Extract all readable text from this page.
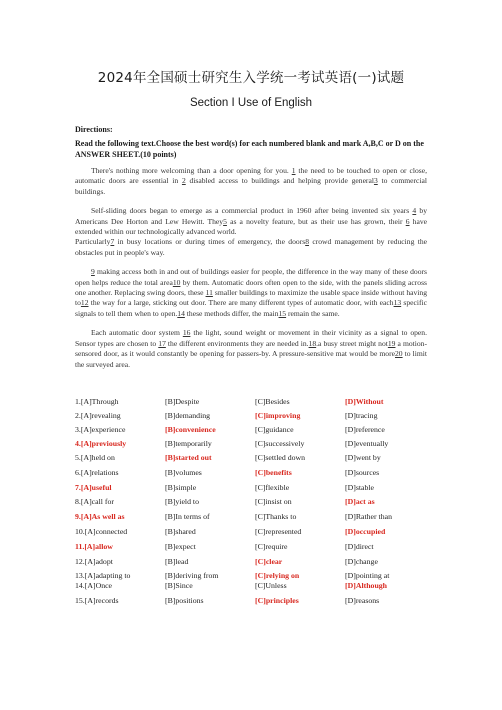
2024年全国硕士研究生入学统一考试英语(一)试题
Section I Use of English
Directions:
Read the following text.Choose the best word(s) for each numbered blank and mark A,B,C or D on the ANSWER SHEET.(10 points)

There's nothing more welcoming than a door opening for you. 1 the need to be touched to open or close, automatic doors are essential in 2 disabled access to buildings and helping provide general3 to commercial buildings.

Self-sliding doors began to emerge as a commercial product in 1960 after being invented six years 4 by Americans Dee Horton and Lew Hewitt. They5 as a novelty feature, but as their use has grown, their 6 have extended within our technologically advanced world.

Particularly7 in busy locations or during times of emergency, the doors8 crowd management by reducing the obstacles put in people's way.

9 making access both in and out of buildings easier for people, the difference in the way many of these doors open helps reduce the total area10 by them. Automatic doors often open to the side, with the panels sliding across one another. Replacing swing doors, these 11 smaller buildings to maximize the usable space inside without having to12 the way for a large, sticking out door. There are many different types of automatic door, with each13 specific signals to tell them when to open.14 these methods differ, the main15 remain the same.

Each automatic door system 16 the light, sound weight or movement in their vicinity as a signal to open. Sensor types are chosen to 17 the different environments they are needed in.18.a busy street might not19 a motion-sensored door, as it would constantly be opening for passers-by. A pressure-sensitive mat would be more20 to limit the surveyed area.

1.[A]Through	[B]Despite	[C]Besides	[D]Without
2.[A]revealing	[B]demanding	[C]improving	[D]tracing
3.[A]experience	[B]convenience	[C]guidance	[D]reference
4.[A]previously	[B]temporarily	[C]successively	[D]eventually
5.[A]held on	[B]started out	[C]settled down	[D]went by
6.[A]relations	[B]volumes	[C]benefits	[D]sources
7.[A]useful	[B]simple	[C]flexible	[D]stable
8.[A]call for	[B]yield to	[C]insist on	[D]act as
9.[A]As well as	[B]In terms of	[C]Thanks to	[D]Rather than
10.[A]connected	[B]shared	[C]represented	[D]occupied
11.[A]allow	[B]expect	[C]require	[D]direct
12.[A]adopt	[B]lead	[C]clear	[D]change
13.[A]adapting to	[B]deriving from	[C]relying on	[D]pointing at
14.[A]Once	[B]Since	[C]Unless	[D]Although
15.[A]records	[B]positions	[C]principles	[D]reasons
